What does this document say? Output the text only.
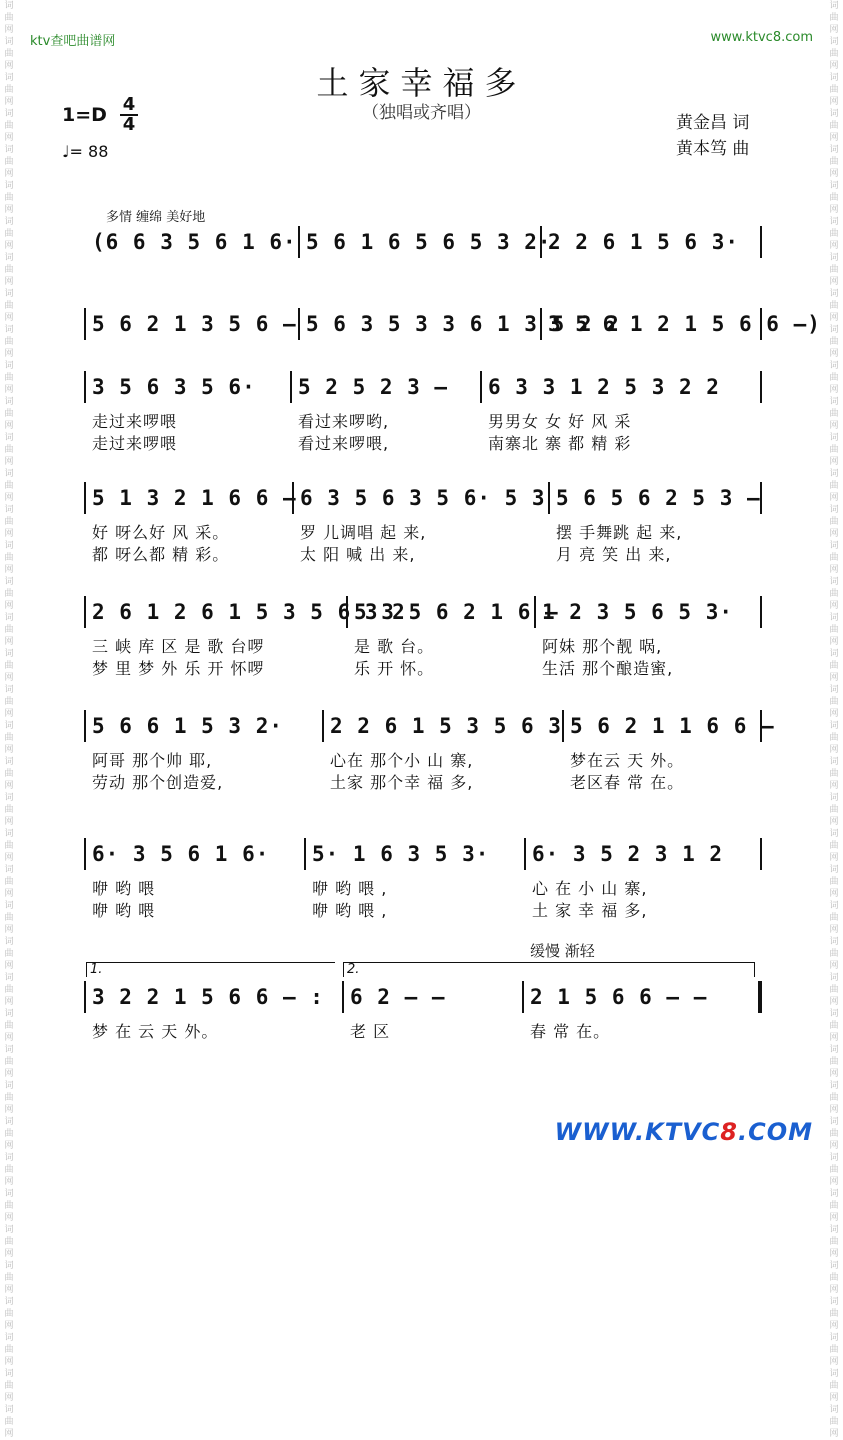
词曲网词曲网词曲网词曲网词曲网词曲网词曲网词曲网词曲网词曲网词曲网词曲网词曲网词曲网词曲网词曲网词曲网词曲网词曲网词曲网词曲网词曲网词曲网词曲网词曲网词曲网词曲网词曲网词曲网词曲网词曲网词曲网词曲网词曲网词曲网词曲网词曲网词曲网词曲网词曲网
词曲网词曲网词曲网词曲网词曲网词曲网词曲网词曲网词曲网词曲网词曲网词曲网词曲网词曲网词曲网词曲网词曲网词曲网词曲网词曲网词曲网词曲网词曲网词曲网词曲网词曲网词曲网词曲网词曲网词曲网词曲网词曲网词曲网词曲网词曲网词曲网词曲网词曲网词曲网词曲网
ktv查吧曲谱网	www.ktvc8.com
土家幸福多
（独唱或齐唱）
1=D 4
4
♩= 88
黄金昌 词
黄本笃 曲
多情 缠绵 美好地
缓慢 渐轻
1.	2.
(6 6 3 5 6 1 6· 5 6 1 6 5 6 5 3 2·
2 2 6 1 5 6 3·
5 6 2 1 3 5 6 – 5 6 3 5 3 3 6 1 3 5 2 2
3 5 6 1 2 1 5 6 6 –)
3 5 6 3 5 6· 5 2 5 2 3 – 6 3 3 1 2 5 3 2 2
走过来啰喂	看过来啰哟,	男男女 女 好 风 采
走过来啰喂	看过来啰喂,	南寨北 寨 都 精 彩
5 1 3 2 1 6 6 – 6 3 5 6 3 5 6· 5 3 5 6 5 6 2 5 3 –
好 呀么好 风 采。	罗 儿调唱 起 来,	摆 手舞跳 起 来,
都 呀么都 精 彩。	太 阳 喊 出 来,	月 亮 笑 出 来,
2 6 1 2 6 1 5 3 5 6 3 2
5 3 5 6 2 1 6 –
1 2 3 5 6 5 3·
三 峡 库 区 是 歌 台啰	是 歌 台。	阿妹 那个靓 㖞,
梦 里 梦 外 乐 开 怀啰	乐 开 怀。	生活 那个酿造蜜,
5 6 6 1 5 3 2· 2 2 6 1 5 3 5 6 3 5 6 2 1 1 6 6 –
阿哥 那个帅 耶,	心在 那个小 山 寨,	梦在云 天 外。
劳动 那个创造爱,	土家 那个幸 福 多,	老区春 常 在。
6· 3 5 6 1 6· 5· 1 6 3 5 3· 6· 3 5 2 3 1 2
咿 哟 喂	咿 哟 喂 ,	心 在 小 山 寨,
咿 哟 喂	咿 哟 喂 ,	土 家 幸 福 多,
3 2 2 1 5 6 6 – : 6 2 – –	2 1 5 6 6 – –
梦 在 云 天 外。	老 区	春 常 在。
WWW.KTVC8.COM
